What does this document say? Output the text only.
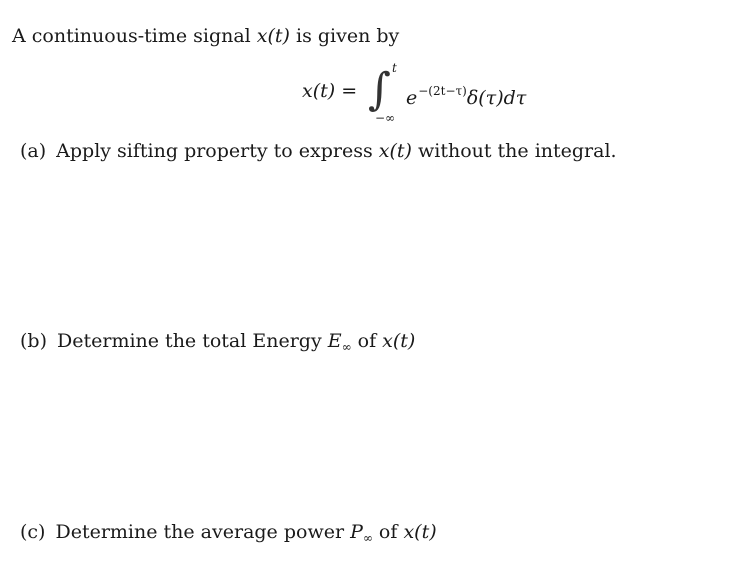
A continuous-time signal x(t) is given by
x(t) = ∫ t
−∞
$e^{-(2t-\tau)}\delta(\tau)d\tau$
(a) Apply sifting property to express x(t) without the integral.
(b) Determine the total Energy $E_\infty$ of x(t)
(c) Determine the average power $P_\infty$ of x(t)
